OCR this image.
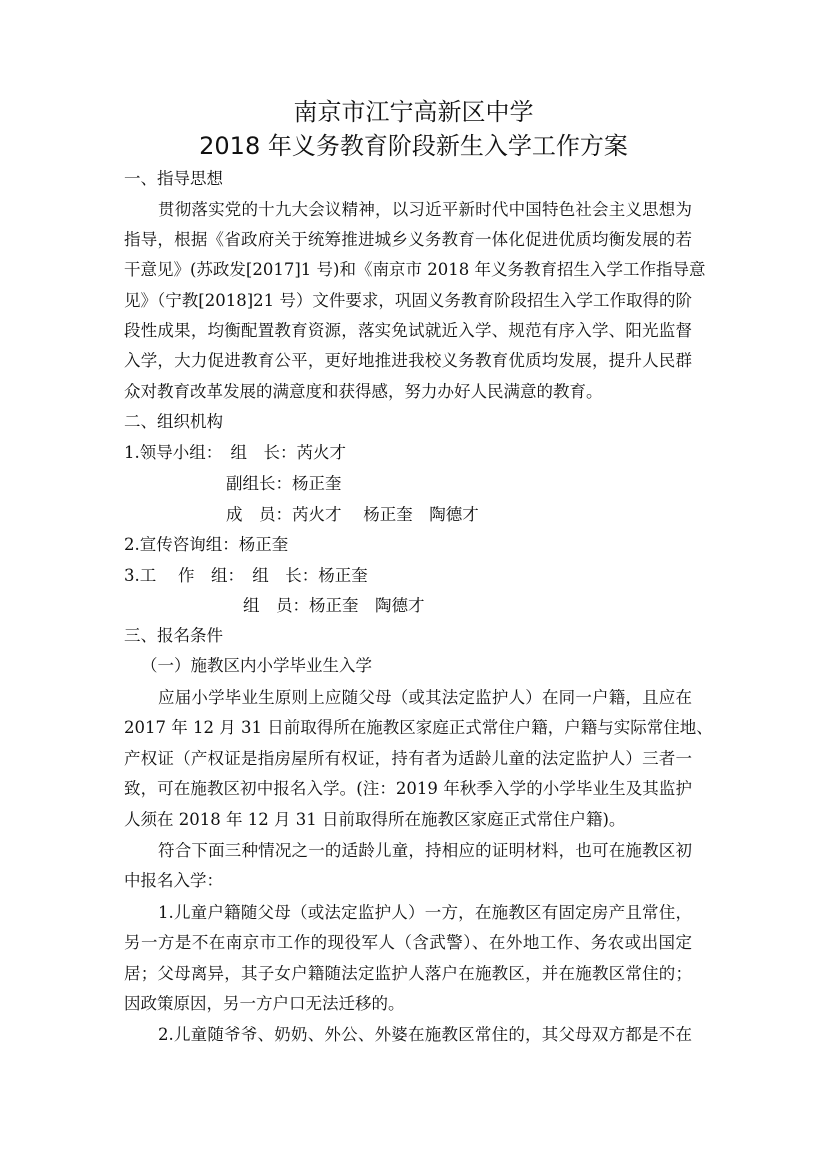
南京市江宁高新区中学
2018 年义务教育阶段新生入学工作方案
一、指导思想
贯彻落实党的十九大会议精神，以习近平新时代中国特色社会主义思想为
指导，根据《省政府关于统筹推进城乡义务教育一体化促进优质均衡发展的若
干意见》(苏政发[2017]1 号)和《南京市 2018 年义务教育招生入学工作指导意
见》（宁教[2018]21 号）文件要求，巩固义务教育阶段招生入学工作取得的阶
段性成果，均衡配置教育资源，落实免试就近入学、规范有序入学、阳光监督
入学，大力促进教育公平，更好地推进我校义务教育优质均发展，提升人民群
众对教育改革发展的满意度和获得感，努力办好人民满意的教育。
二、组织机构
1.领导小组：　组　长：芮火才
副组长：杨正奎
成　员：芮火才　 杨正奎　陶德才
2.宣传咨询组：杨正奎
3.工　 作　组：　组　长：杨正奎
组　员：杨正奎　陶德才
三、报名条件
（一）施教区内小学毕业生入学
应届小学毕业生原则上应随父母（或其法定监护人）在同一户籍，且应在
2017 年 12 月 31 日前取得所在施教区家庭正式常住户籍，户籍与实际常住地、
产权证（产权证是指房屋所有权证，持有者为适龄儿童的法定监护人）三者一
致，可在施教区初中报名入学。(注：2019 年秋季入学的小学毕业生及其监护
人须在 2018 年 12 月 31 日前取得所在施教区家庭正式常住户籍)。
符合下面三种情况之一的适龄儿童，持相应的证明材料，也可在施教区初
中报名入学：
1.儿童户籍随父母（或法定监护人）一方，在施教区有固定房产且常住，
另一方是不在南京市工作的现役军人（含武警）、在外地工作、务农或出国定
居；父母离异，其子女户籍随法定监护人落户在施教区，并在施教区常住的；
因政策原因，另一方户口无法迁移的。
2.儿童随爷爷、奶奶、外公、外婆在施教区常住的，其父母双方都是不在
